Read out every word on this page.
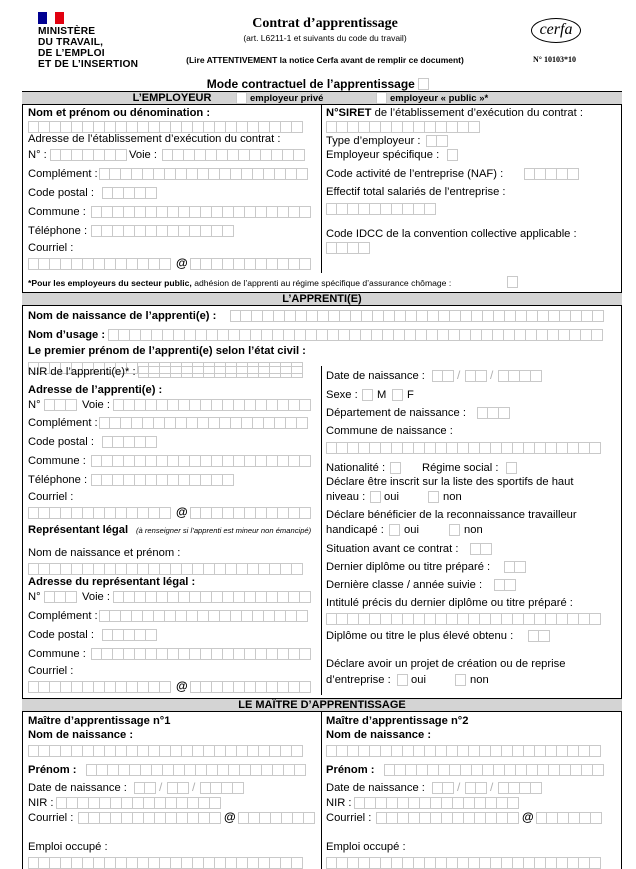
MINISTÈRE
DU TRAVAIL,
DE L’EMPLOI
ET DE L’INSERTION
Contrat d’apprentissage
(art. L6211-1 et suivants du code du travail)
(Lire ATTENTIVEMENT la notice Cerfa avant de remplir ce document)
cerfa
N° 10103*10
Mode contractuel de l’apprentissage
L’EMPLOYEUR	employeur privé	employeur « public »*
Nom et prénom ou dénomination :
Adresse de l’établissement d’exécution du contrat :
N° :	Voie :
Complément :
Code postal :
Commune :
Téléphone :
Courriel :
@
N°SIRET de l’établissement d’exécution du contrat :
Type d’employeur :
Employeur spécifique :
Code activité de l’entreprise (NAF) :
Effectif total salariés de l’entreprise :
Code IDCC de la convention collective applicable :
*Pour les employeurs du secteur public, adhésion de l’apprenti au régime spécifique d’assurance chômage :
L’APPRENTI(E)
Nom de naissance de l’apprenti(e) :
Nom d’usage :
Le premier prénom de l’apprenti(e) selon l’état civil :
NIR de l’apprenti(e)* :
Adresse de l’apprenti(e) :
N°	Voie :
Complément :
Code postal :
Commune :
Téléphone :
Courriel :
@
Représentant légal (à renseigner si l’apprenti est mineur non émancipé)
Nom de naissance et prénom :
Adresse du représentant légal :
N°	Voie :
Complément :
Code postal :
Commune :
Courriel :
@
Date de naissance :	/ /
Sexe : M F
Département de naissance :
Commune de naissance :
Nationalité :	Régime social :
Déclare être inscrit sur la liste des sportifs de haut
niveau : oui	non
Déclare bénéficier de la reconnaissance travailleur
handicapé : oui	non
Situation avant ce contrat :
Dernier diplôme ou titre préparé :
Dernière classe / année suivie :
Intitulé précis du dernier diplôme ou titre préparé :
Diplôme ou titre le plus élevé obtenu :
Déclare avoir un projet de création ou de reprise
d’entreprise : oui	non
LE MAÎTRE D’APPRENTISSAGE
Maître d’apprentissage n°1
Nom de naissance :
Prénom :
Date de naissance :	/ /
NIR :
Courriel :	@
Emploi occupé :
Maître d’apprentissage n°2
Nom de naissance :
Prénom :
Date de naissance :	/ /
NIR :
Courriel :	@
Emploi occupé :
